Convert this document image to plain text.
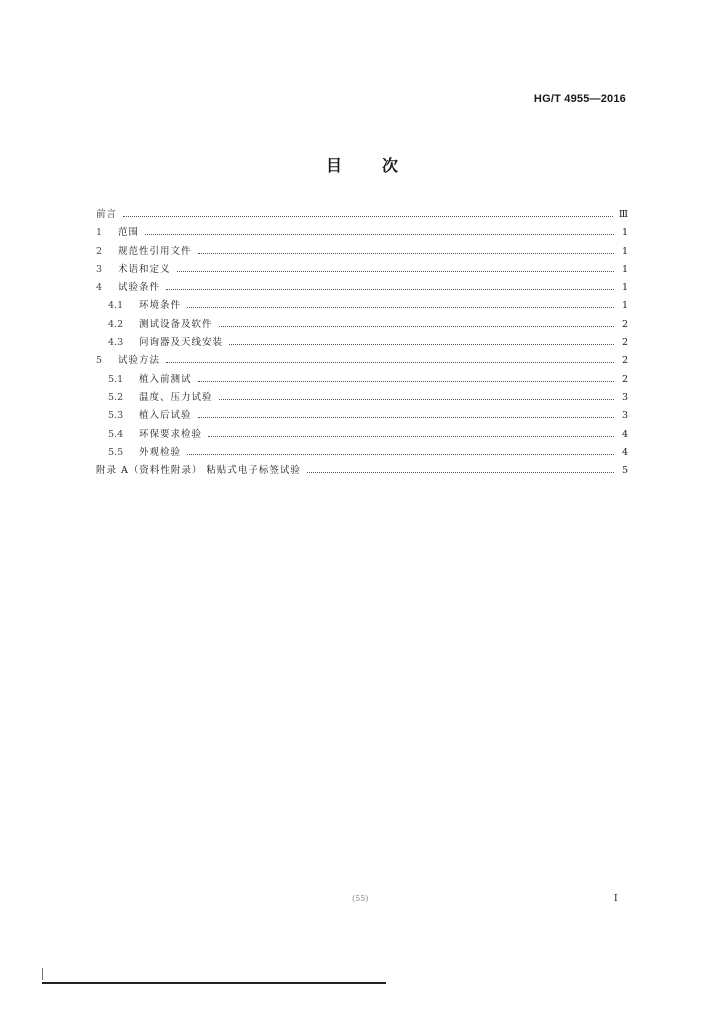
HG/T 4955—2016
目次
前言	Ⅲ
1	范围	1
2	规范性引用文件	1
3	术语和定义	1
4	试验条件	1
4.1	环境条件	1
4.2	测试设备及软件	2
4.3	问询器及天线安装	2
5	试验方法	2
5.1	植入前测试	2
5.2	温度、压力试验	3
5.3	植入后试验	3
5.4	环保要求检验	4
5.5	外观检验	4
附录 A（资料性附录） 粘贴式电子标签试验	5
(55)	I
